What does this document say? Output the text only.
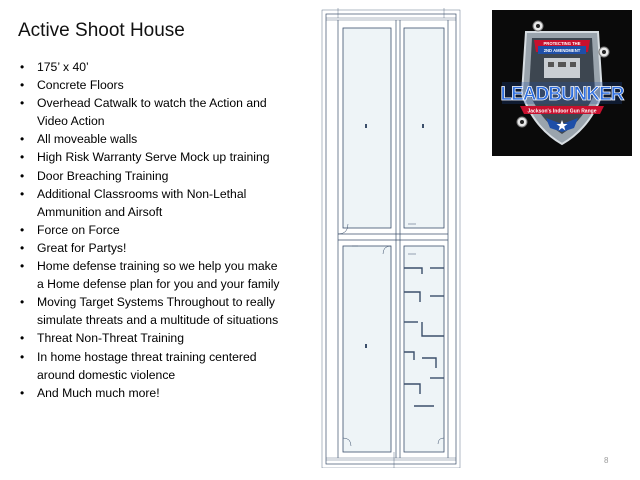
Active Shoot House
• 175’ x 40’
• Concrete Floors
• Overhead Catwalk to watch the Action and Video Action
• All moveable walls
• High Risk Warranty Serve Mock up training
• Door Breaching Training
• Additional Classrooms with Non-Lethal Ammunition and Airsoft
• Force on Force
• Great for Partys!
• Home defense training so we help you make a Home defense plan for you and your family
• Moving Target Systems Throughout to really simulate threats and a multitude of situations
• Threat Non-Threat Training
• In home hostage threat training centered around domestic violence
• And Much much more!
PROTECTING THE
2ND AMENDMENT
LEADBUNKER
Jackson's Indoor Gun Range
8
